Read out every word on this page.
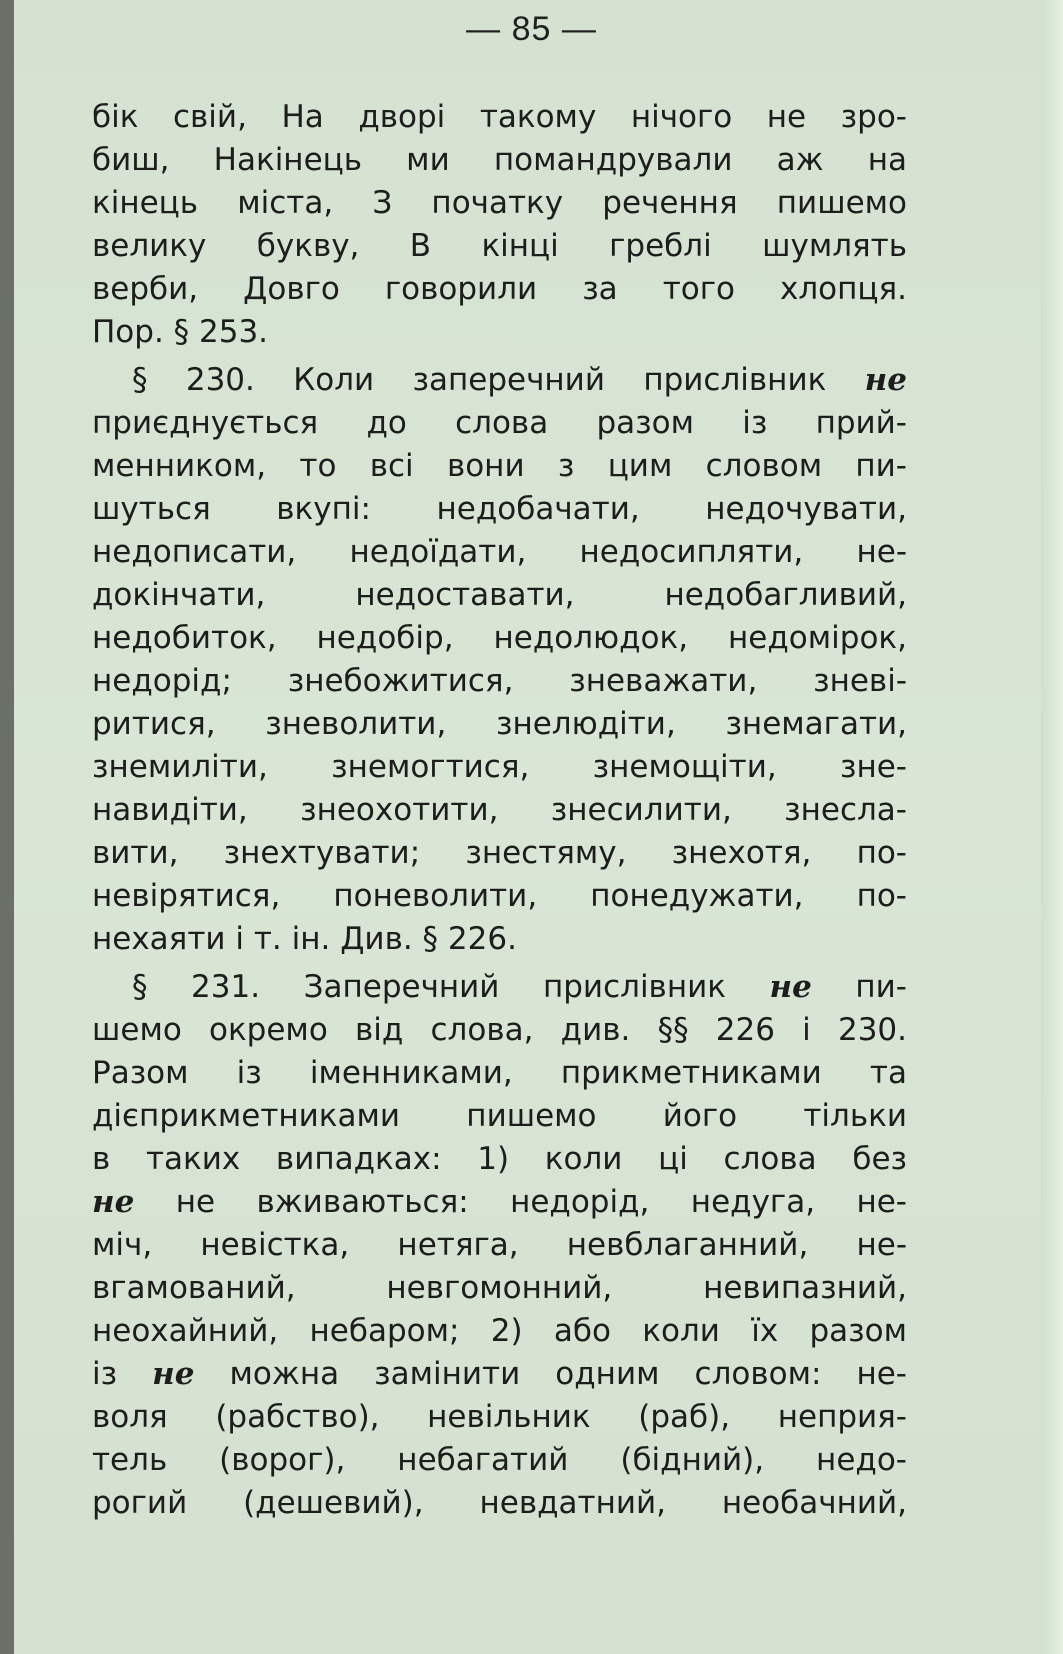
— 85 —
бік свій, На дворі такому нічого не зро-
биш, Накінець ми помандрували аж на
кінець міста, З початку речення пишемо
велику букву, В кінці греблі шумлять
верби, Довго говорили за того хлопця.
Пор. § 253.
§ 230. Коли заперечний прислівник не
приєднується до слова разом із прий-
менником, то всі вони з цим словом пи-
шуться вкупі: недобачати, недочувати,
недописати, недоїдати, недосипляти, не-
докінчати, недоставати, недобагливий,
недобиток, недобір, недолюдок, недомірок,
недорід; знебожитися, зневажати, зневі-
ритися, зневолити, знелюдіти, знемагати,
знемиліти, знемогтися, знемощіти, зне-
навидіти, знеохотити, знесилити, знесла-
вити, знехтувати; знестяму, знехотя, по-
невірятися, поневолити, понедужати, по-
нехаяти і т. ін. Див. § 226.
§ 231. Заперечний прислівник не пи-
шемо окремо від слова, див. §§ 226 і 230.
Разом із іменниками, прикметниками та
дієприкметниками пишемо його тільки
в таких випадках: 1) коли ці слова без
не не вживаються: недорід, недуга, не-
міч, невістка, нетяга, невблаганний, не-
вгамований, невгомонний, невипазний,
неохайний, небаром; 2) або коли їх разом
із не можна замінити одним словом: не-
воля (рабство), невільник (раб), неприя-
тель (ворог), небагатий (бідний), недо-
рогий (дешевий), невдатний, необачний,
